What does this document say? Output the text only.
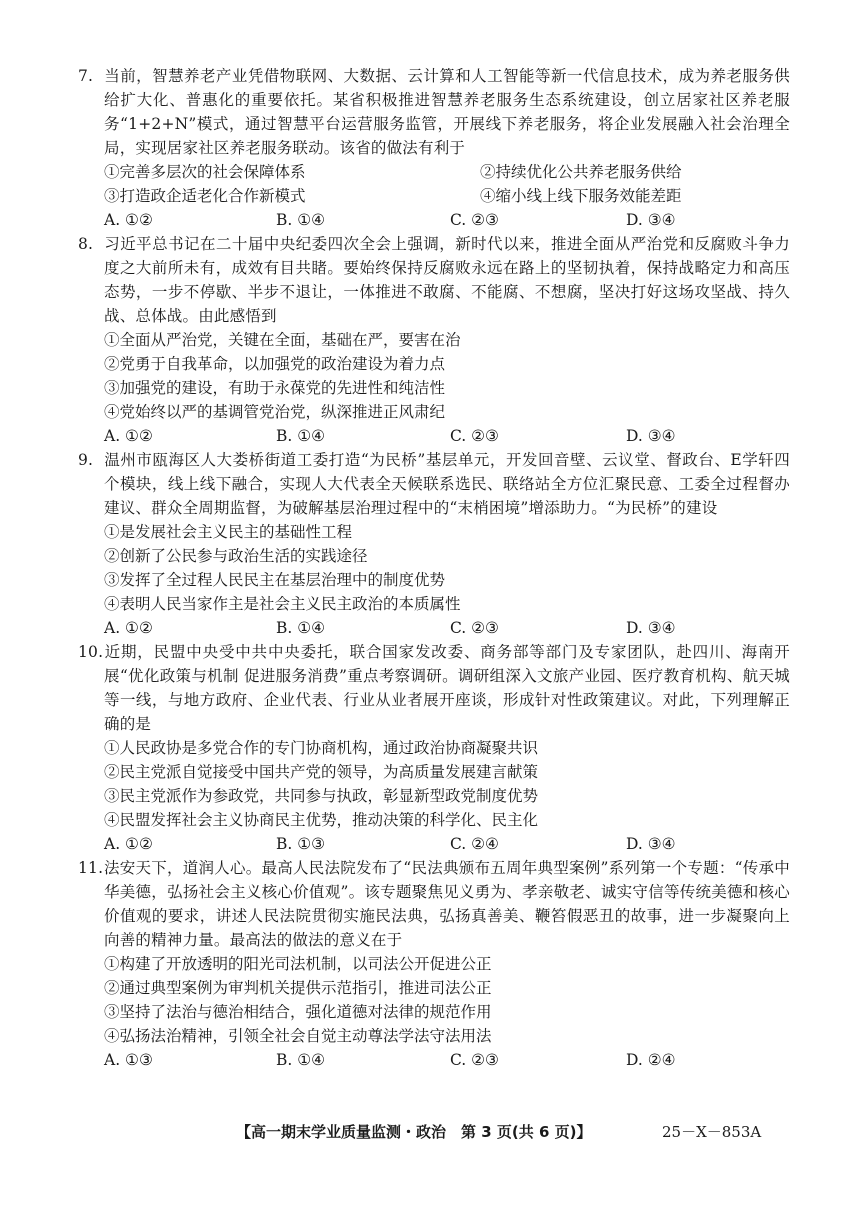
7. 当前，智慧养老产业凭借物联网、大数据、云计算和人工智能等新一代信息技术，成为养老服务供给扩大化、普惠化的重要依托。某省积极推进智慧养老服务生态系统建设，创立居家社区养老服务“1+2+N”模式，通过智慧平台运营服务监管，开展线下养老服务，将企业发展融入社会治理全局，实现居家社区养老服务联动。该省的做法有利于

①完善多层次的社会保障体系	②持续优化公共养老服务供给
③打造政企适老化合作新模式	④缩小线上线下服务效能差距
A. ①②	B. ①④	C. ②③	D. ③④

8. 习近平总书记在二十届中央纪委四次全会上强调，新时代以来，推进全面从严治党和反腐败斗争力度之大前所未有，成效有目共睹。要始终保持反腐败永远在路上的坚韧执着，保持战略定力和高压态势，一步不停歇、半步不退让，一体推进不敢腐、不能腐、不想腐，坚决打好这场攻坚战、持久战、总体战。由此感悟到

①全面从严治党，关键在全面，基础在严，要害在治
②党勇于自我革命，以加强党的政治建设为着力点
③加强党的建设，有助于永葆党的先进性和纯洁性
④党始终以严的基调管党治党，纵深推进正风肃纪
A. ①②	B. ①④	C. ②③	D. ③④

9. 温州市瓯海区人大娄桥街道工委打造“为民桥”基层单元，开发回音壁、云议堂、督政台、E学轩四个模块，线上线下融合，实现人大代表全天候联系选民、联络站全方位汇聚民意、工委全过程督办建议、群众全周期监督，为破解基层治理过程中的“末梢困境”增添助力。“为民桥”的建设

①是发展社会主义民主的基础性工程
②创新了公民参与政治生活的实践途径
③发挥了全过程人民民主在基层治理中的制度优势
④表明人民当家作主是社会主义民主政治的本质属性
A. ①②	B. ①④	C. ②③	D. ③④

10.近期，民盟中央受中共中央委托，联合国家发改委、商务部等部门及专家团队，赴四川、海南开展“优化政策与机制 促进服务消费”重点考察调研。调研组深入文旅产业园、医疗教育机构、航天城等一线，与地方政府、企业代表、行业从业者展开座谈，形成针对性政策建议。对此，下列理解正确的是

①人民政协是多党合作的专门协商机构，通过政治协商凝聚共识
②民主党派自觉接受中国共产党的领导，为高质量发展建言献策
③民主党派作为参政党，共同参与执政，彰显新型政党制度优势
④民盟发挥社会主义协商民主优势，推动决策的科学化、民主化
A. ①②	B. ①③	C. ②④	D. ③④

11.法安天下，道润人心。最高人民法院发布了“民法典颁布五周年典型案例”系列第一个专题：“传承中华美德，弘扬社会主义核心价值观”。该专题聚焦见义勇为、孝亲敬老、诚实守信等传统美德和核心价值观的要求，讲述人民法院贯彻实施民法典，弘扬真善美、鞭笞假恶丑的故事，进一步凝聚向上向善的精神力量。最高法的做法的意义在于

①构建了开放透明的阳光司法机制，以司法公开促进公正
②通过典型案例为审判机关提供示范指引，推进司法公正
③坚持了法治与德治相结合，强化道德对法律的规范作用
④弘扬法治精神，引领全社会自觉主动尊法学法守法用法
A. ①③	B. ①④	C. ②③	D. ②④
【高一期末学业质量监测・政治　第 3 页(共 6 页)】	25－X－853A
